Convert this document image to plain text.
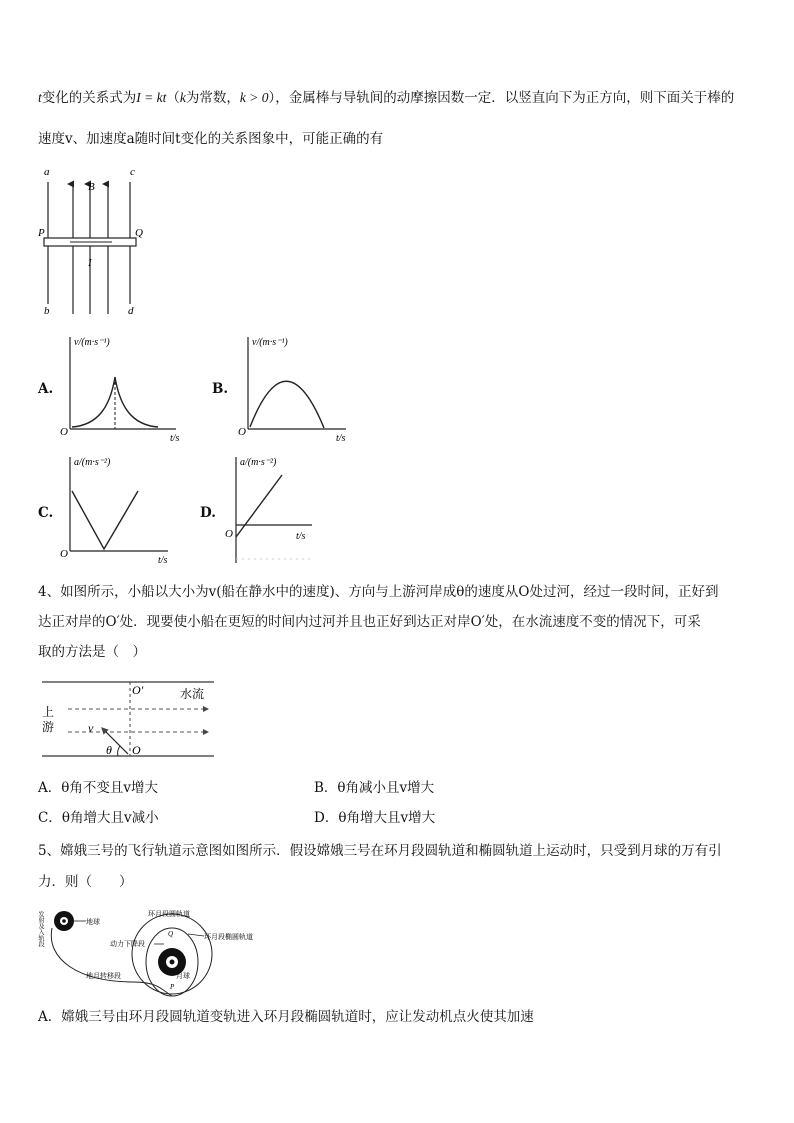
t变化的关系式为I = kt（k为常数，k > 0），金属棒与导轨间的动摩擦因数一定．以竖直向下为正方向，则下面关于棒的
速度v、加速度a随时间t变化的关系图象中，可能正确的有
a
B
c
P	Q
I
b	d
A.
v/(m·s⁻¹)
t/s
O
B.
v/(m·s⁻¹)
t/s
O
C.
a/(m·s⁻²)
t/s
O
D.
a/(m·s⁻²)
t/s
O
4、如图所示，小船以大小为v(船在静水中的速度)、方向与上游河岸成θ的速度从O处过河，经过一段时间，正好到
达正对岸的O′处．现要使小船在更短的时间内过河并且也正好到达正对岸O′处，在水流速度不变的情况下，可采
取的方法是（　）
O′	水流
上
游	v
θ O
A．θ角不变且v增大	B．θ角减小且v增大
C．θ角增大且v减小	D．θ角增大且v增大
5、嫦娥三号的飞行轨道示意图如图所示．假设嫦娥三号在环月段圆轨道和椭圆轨道上运动时，只受到月球的万有引
力．则（　　）
发射及入轨段	地球
环月段圆轨道
环月段椭圆轨道
动力下降段
地月转移段	月球
Q
P
A．嫦娥三号由环月段圆轨道变轨进入环月段椭圆轨道时，应让发动机点火使其加速
